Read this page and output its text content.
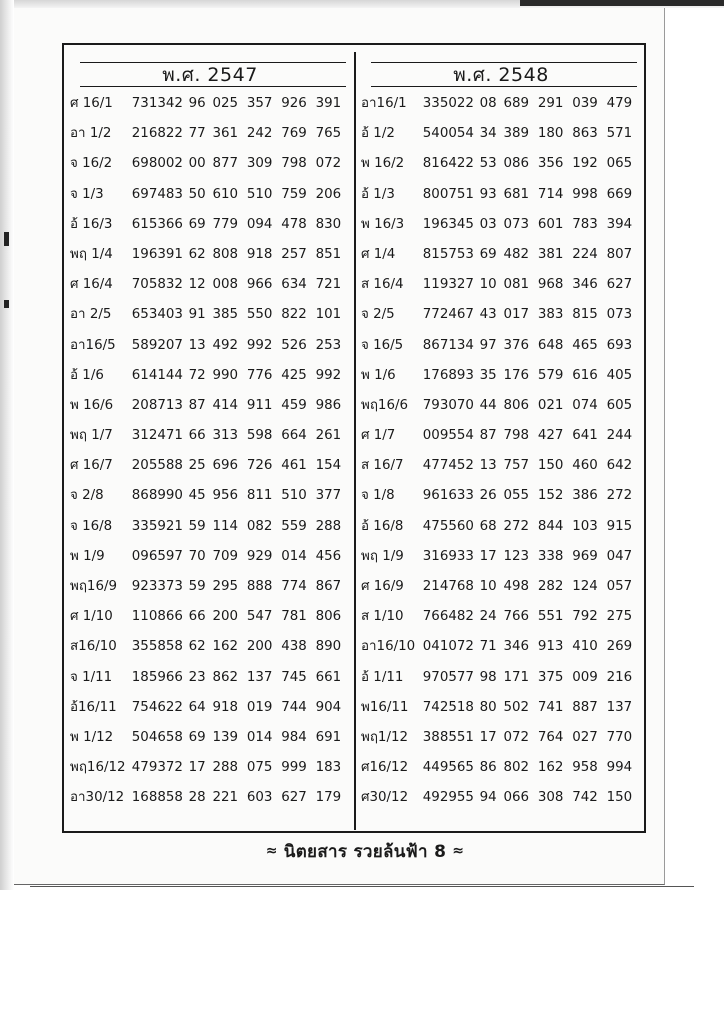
พ.ศ. 2547
ศ 16/1	731342 96 025 357 926 391
อา 1/2	216822 77 361 242 769 765
จ 16/2	698002 00 877 309 798 072
จ 1/3	697483 50 610 510 759 206
อ้ 16/3	615366 69 779 094 478 830
พฤ 1/4	196391 62 808 918 257 851
ศ 16/4	705832 12 008 966 634 721
อา 2/5	653403 91 385 550 822 101
อา16/5	589207 13 492 992 526 253
อ้ 1/6	614144 72 990 776 425 992
พ 16/6	208713 87 414 911 459 986
พฤ 1/7	312471 66 313 598 664 261
ศ 16/7	205588 25 696 726 461 154
จ 2/8	868990 45 956 811 510 377
จ 16/8	335921 59 114 082 559 288
พ 1/9	096597 70 709 929 014 456
พฤ16/9	923373 59 295 888 774 867
ศ 1/10	110866 66 200 547 781 806
ส16/10	355858 62 162 200 438 890
จ 1/11	185966 23 862 137 745 661
อ้16/11	754622 64 918 019 744 904
พ 1/12	504658 69 139 014 984 691
พฤ16/12 479372 17 288 075 999 183
อา30/12 168858 28 221 603 627 179
พ.ศ. 2548
อา16/1	335022 08 689 291 039 479
อ้ 1/2	540054 34 389 180 863 571
พ 16/2	816422 53 086 356 192 065
อ้ 1/3	800751 93 681 714 998 669
พ 16/3	196345 03 073 601 783 394
ศ 1/4	815753 69 482 381 224 807
ส 16/4	119327 10 081 968 346 627
จ 2/5	772467 43 017 383 815 073
จ 16/5	867134 97 376 648 465 693
พ 1/6	176893 35 176 579 616 405
พฤ16/6	793070 44 806 021 074 605
ศ 1/7	009554 87 798 427 641 244
ส 16/7	477452 13 757 150 460 642
จ 1/8	961633 26 055 152 386 272
อ้ 16/8	475560 68 272 844 103 915
พฤ 1/9	316933 17 123 338 969 047
ศ 16/9	214768 10 498 282 124 057
ส 1/10	766482 24 766 551 792 275
อา16/10 041072 71 346 913 410 269
อ้ 1/11	970577 98 171 375 009 216
พ16/11	742518 80 502 741 887 137
พฤ1/12	388551 17 072 764 027 770
ศ16/12	449565 86 802 162 958 994
ศ30/12	492955 94 066 308 742 150
≈ นิตยสาร รวยล้นฟ้า 8 ≈
